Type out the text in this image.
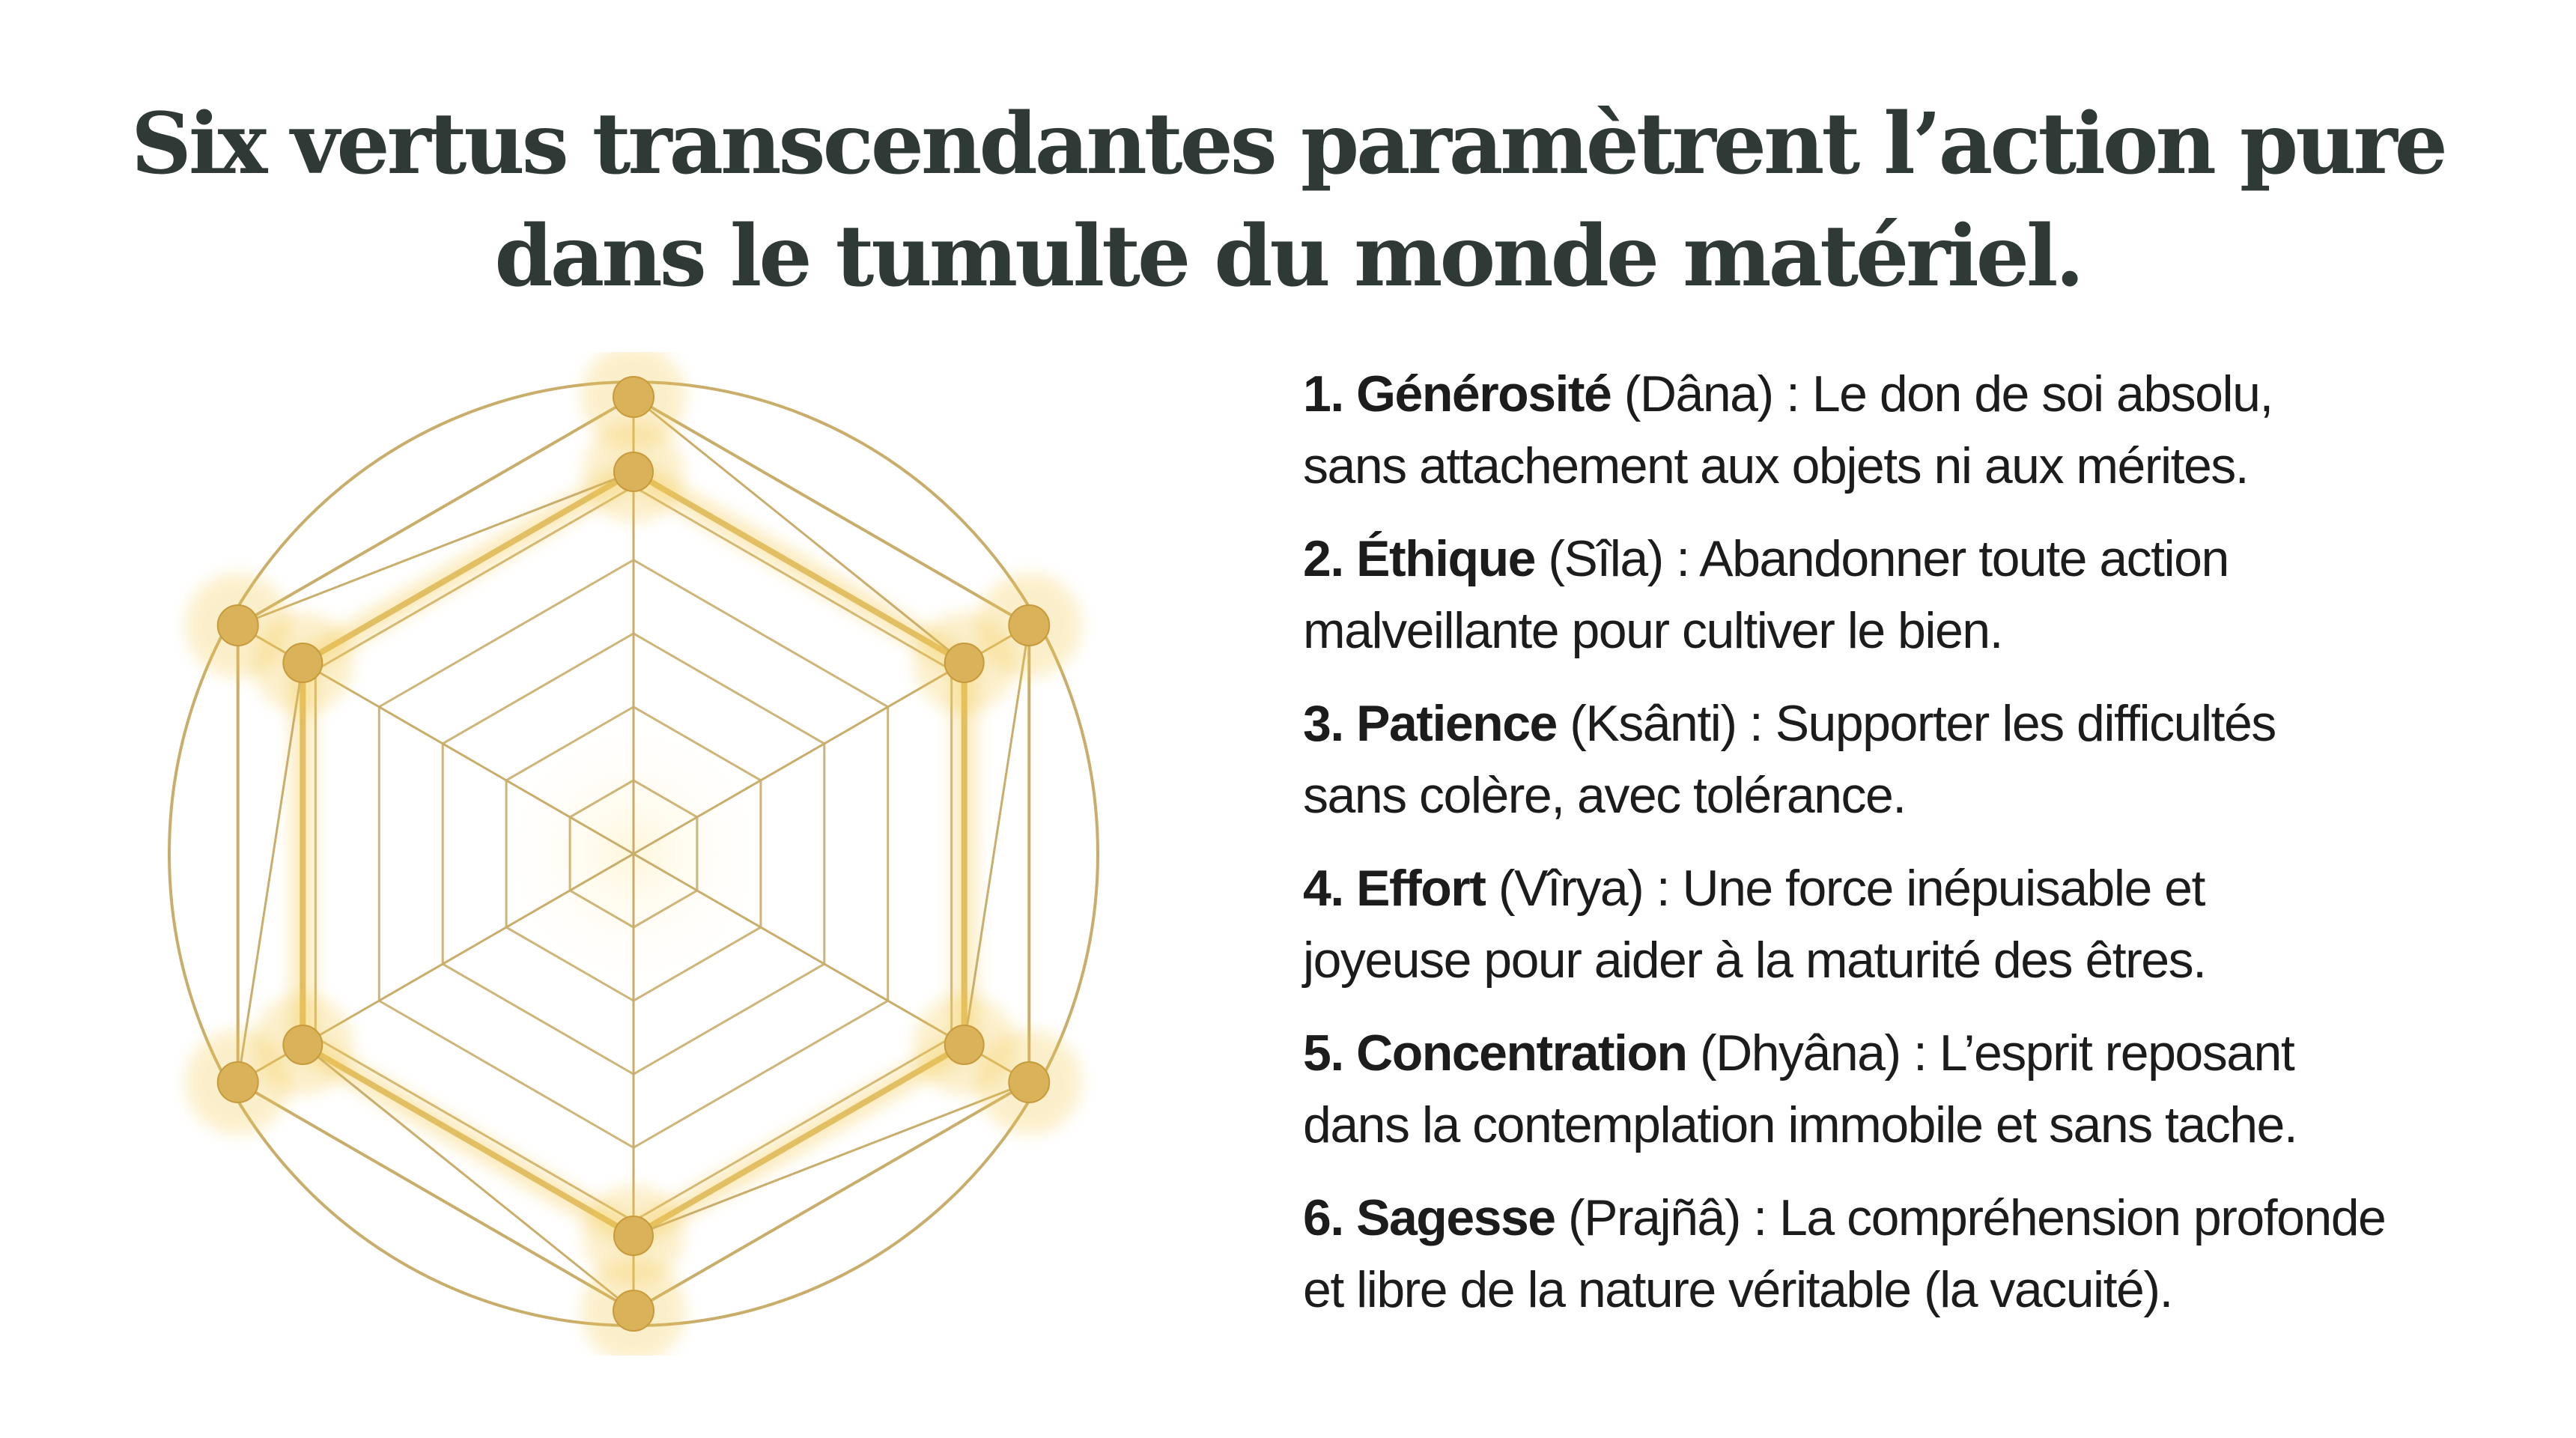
Six vertus transcendantes paramètrent l’action pure
dans le tumulte du monde matériel.
1. Générosité (Dâna) : Le don de soi absolu,
sans attachement aux objets ni aux mérites.
2. Éthique (Sîla) : Abandonner toute action
malveillante pour cultiver le bien.
3. Patience (Ksânti) : Supporter les difficultés
sans colère, avec tolérance.
4. Effort (Vîrya) : Une force inépuisable et
joyeuse pour aider à la maturité des êtres.
5. Concentration (Dhyâna) : L’esprit reposant
dans la contemplation immobile et sans tache.
6. Sagesse (Prajñâ) : La compréhension profonde
et libre de la nature véritable (la vacuité).
